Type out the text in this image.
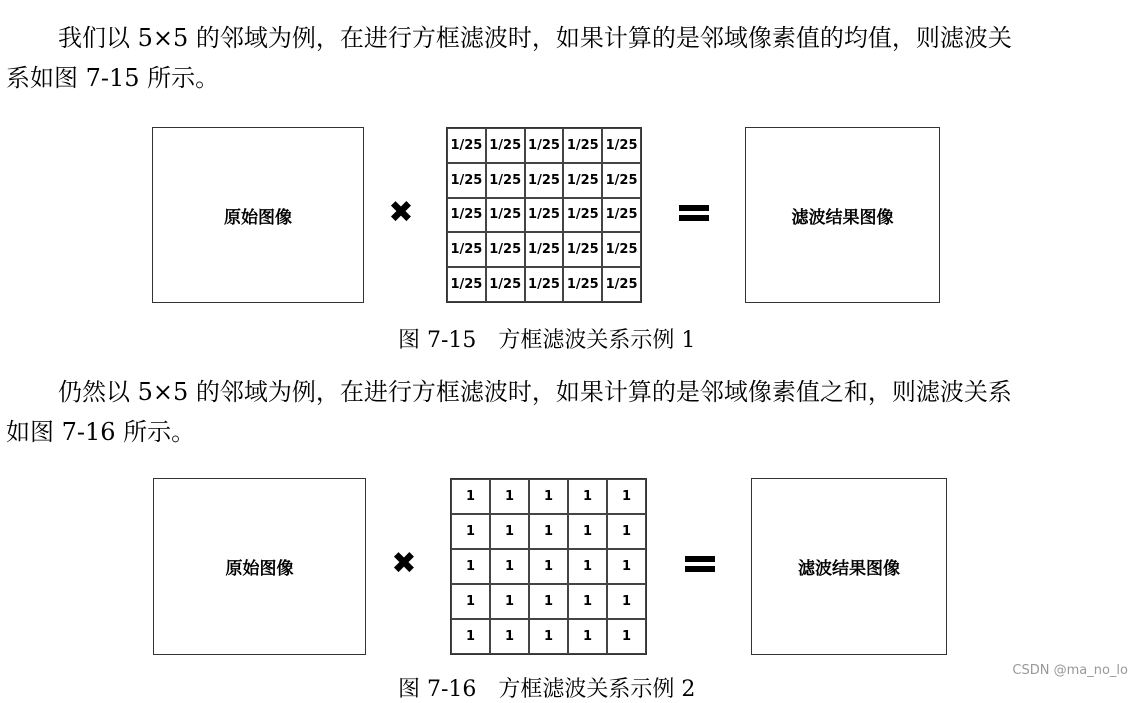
我们以 5×5 的邻域为例，在进行方框滤波时，如果计算的是邻域像素值的均值，则滤波关
系如图 7-15 所示。

原始图像	✖
1/25 1/25 1/25 1/25 1/25
1/25 1/25 1/25 1/25 1/25
1/25 1/25 1/25 1/25 1/25
1/25 1/25 1/25 1/25 1/25
1/25 1/25 1/25 1/25 1/25
滤波结果图像
图 7-15　方框滤波关系示例 1

仍然以 5×5 的邻域为例，在进行方框滤波时，如果计算的是邻域像素值之和，则滤波关系
如图 7-16 所示。

原始图像	✖
1	1	1	1	1
1	1	1	1	1
1	1	1	1	1
1	1	1	1	1
1	1	1	1	1
滤波结果图像
图 7-16　方框滤波关系示例 2
CSDN @ma_no_lo
